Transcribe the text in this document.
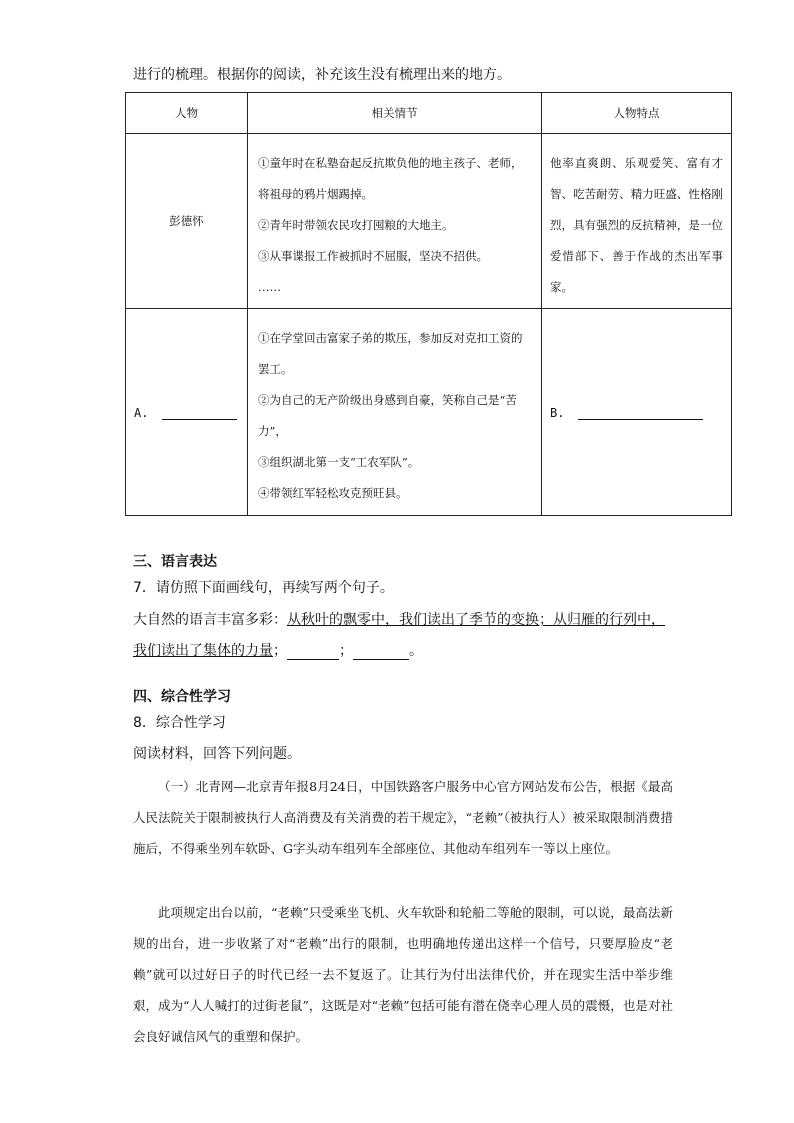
进行的梳理。根据你的阅读，补充该生没有梳理出来的地方。
人物	相关情节	人物特点
彭德怀	①童年时在私塾奋起反抗欺负他的地主孩子、老师，将祖母的鸦片烟踢掉。
②青年时带领农民攻打囤粮的大地主。
③从事谍报工作被抓时不屈服，坚决不招供。
……	他率直爽朗、乐观爱笑、富有才智、吃苦耐劳、精力旺盛、性格刚烈，具有强烈的反抗精神，是一位爱惜部下、善于作战的杰出军事家。
A.	①在学堂回击富家子弟的欺压，参加反对克扣工资的罢工。
②为自己的无产阶级出身感到自豪，笑称自己是“苦力”，
③组织湖北第一支“工农军队”。
④带领红军轻松攻克预旺县。	B.
三、语言表达
7．请仿照下面画线句，再续写两个句子。
大自然的语言丰富多彩：从秋叶的飘零中，我们读出了季节的变换；从归雁的行列中，
我们读出了集体的力量；	；	。
四、综合性学习
8．综合性学习
阅读材料，回答下列问题。
（一）北青网—北京青年报8月24日，中国铁路客户服务中心官方网站发布公告，根据《最高人民法院关于限制被执行人高消费及有关消费的若干规定》，“老赖”（被执行人）被采取限制消费措施后，不得乘坐列车软卧、G字头动车组列车全部座位、其他动车组列车一等以上座位。
此项规定出台以前，“老赖”只受乘坐飞机、火车软卧和轮船二等舱的限制，可以说，最高法新规的出台，进一步收紧了对“老赖”出行的限制，也明确地传递出这样一个信号，只要厚脸皮“老赖”就可以过好日子的时代已经一去不复返了。让其行为付出法律代价，并在现实生活中举步维艰，成为“人人喊打的过街老鼠”，这既是对“老赖”包括可能有潜在侥幸心理人员的震慑，也是对社会良好诚信风气的重塑和保护。
